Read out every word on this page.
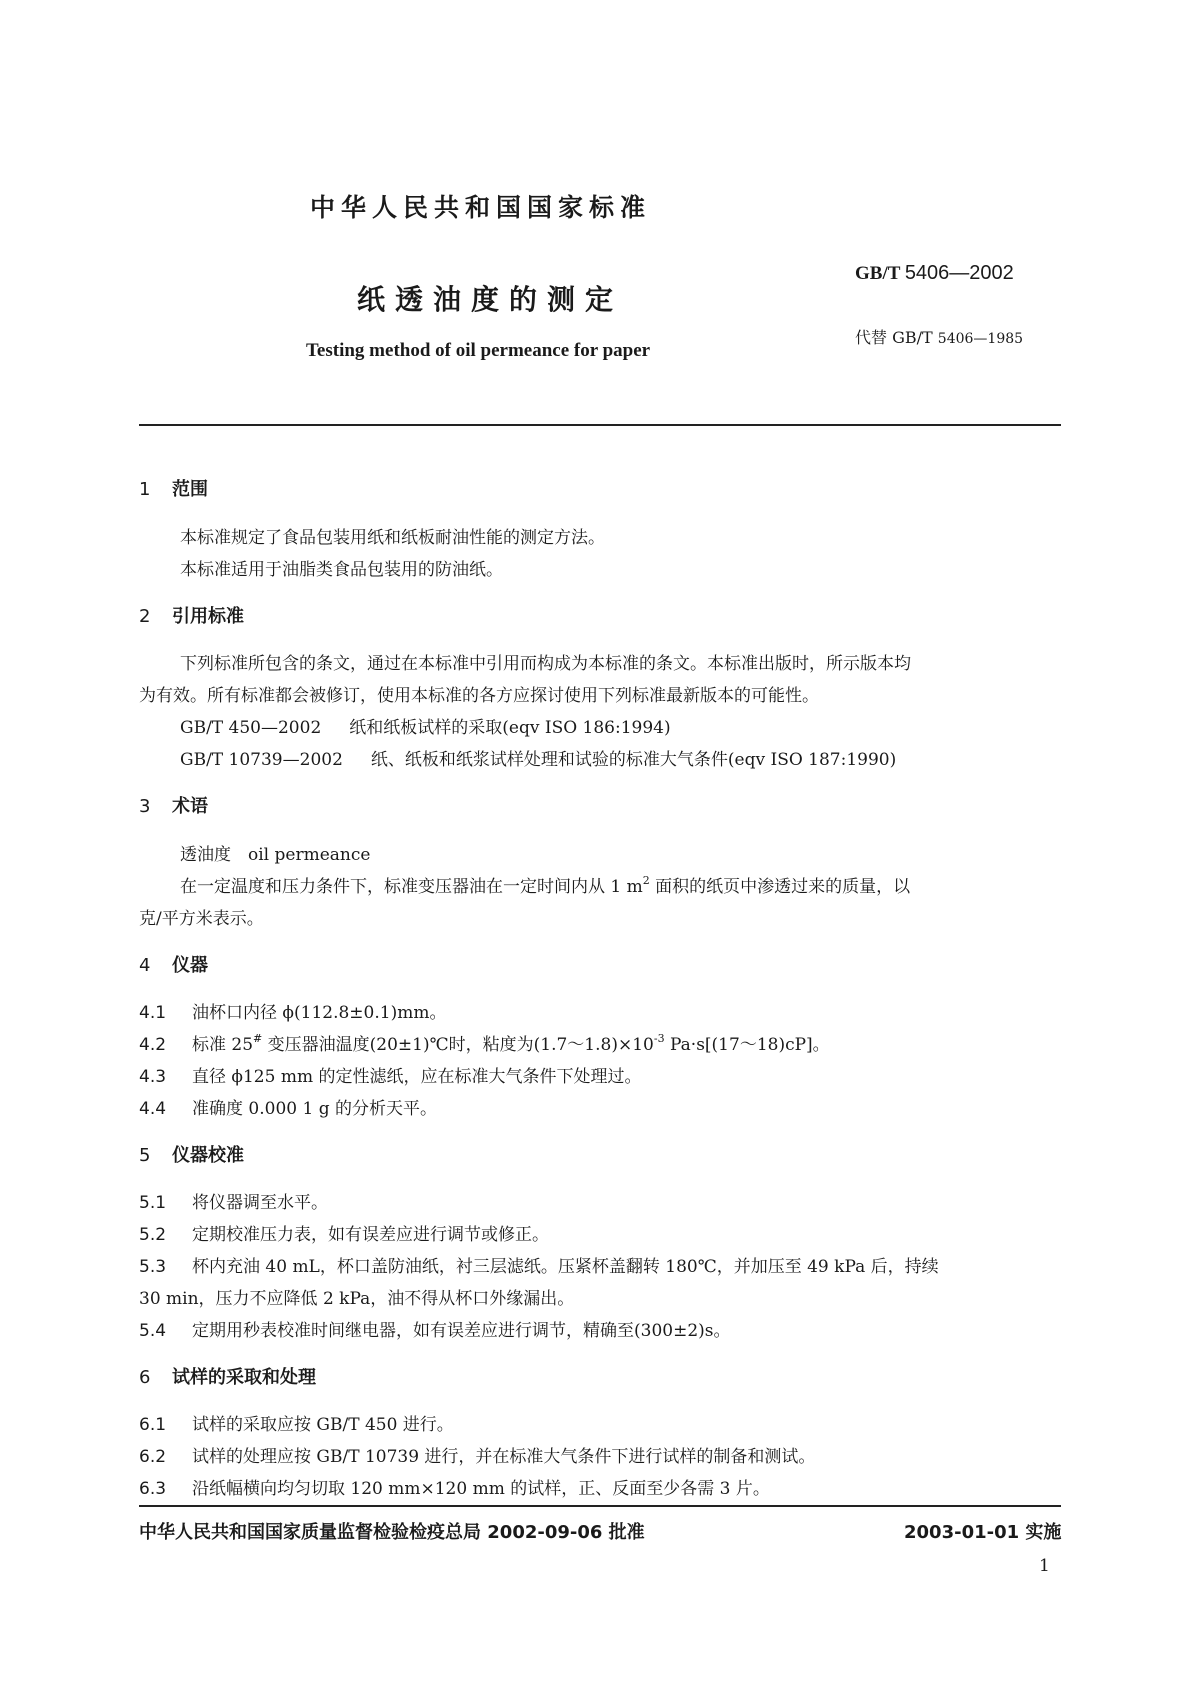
中华人民共和国国家标准
纸透油度的测定
Testing method of oil permeance for paper
GB/T 5406—2002
代替 GB/T 5406—1985
1 范围
本标准规定了食品包装用纸和纸板耐油性能的测定方法。
本标准适用于油脂类食品包装用的防油纸。
2 引用标准
下列标准所包含的条文，通过在本标准中引用而构成为本标准的条文。本标准出版时，所示版本均
为有效。所有标准都会被修订，使用本标准的各方应探讨使用下列标准最新版本的可能性。
GB/T 450—2002 纸和纸板试样的采取(eqv ISO 186:1994)
GB/T 10739—2002 纸、纸板和纸浆试样处理和试验的标准大气条件(eqv ISO 187:1990)
3 术语
透油度　oil permeance
在一定温度和压力条件下，标准变压器油在一定时间内从 1 $m^2$ 面积的纸页中渗透过来的质量，以
克/平方米表示。
4 仪器
4.1 油杯口内径 ϕ(112.8±0.1)mm。
4.2 标准 25# 变压器油温度(20±1)℃时，粘度为$(1.7\sim 1.8)\times 10^{-3}$ Pa·s[(17～18)cP]。
4.3 直径 ϕ125 mm 的定性滤纸，应在标准大气条件下处理过。
4.4 准确度 0.000 1 g 的分析天平。
5 仪器校准
5.1 将仪器调至水平。
5.2 定期校准压力表，如有误差应进行调节或修正。
5.3 杯内充油 40 mL，杯口盖防油纸，衬三层滤纸。压紧杯盖翻转 180℃，并加压至 49 kPa 后，持续
30 min，压力不应降低 2 kPa，油不得从杯口外缘漏出。
5.4 定期用秒表校准时间继电器，如有误差应进行调节，精确至(300±2)s。
6 试样的采取和处理
6.1 试样的采取应按 GB/T 450 进行。
6.2 试样的处理应按 GB/T 10739 进行，并在标准大气条件下进行试样的制备和测试。
6.3 沿纸幅横向均匀切取 120 mm×120 mm 的试样，正、反面至少各需 3 片。
中华人民共和国国家质量监督检验检疫总局 2002-09-06 批准	2003-01-01 实施
1
